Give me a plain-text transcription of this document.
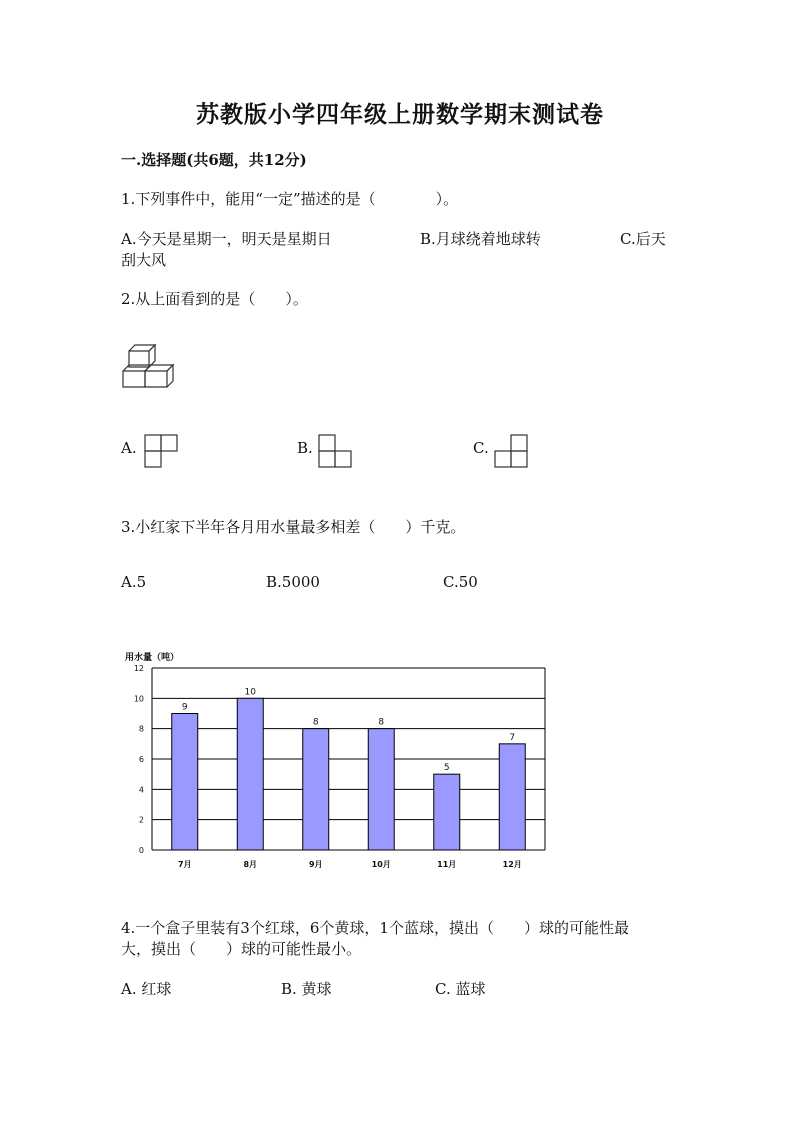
苏教版小学四年级上册数学期末测试卷
一.选择题(共6题，共12分)
1.下列事件中，能用“一定”描述的是（　　　　）。
A.今天是星期一，明天是星期日	B.月球绕着地球转	C.后天
刮大风
2.从上面看到的是（　　）。
A.	B.	C.
3.小红家下半年各月用水量最多相差（　　）千克。
A.5	B.5000	C.50
用水量（吨）
0
2
4
6
8
10
12
9
7月
10
8月
8
9月
8
10月
5
11月
7
12月
4.一个盒子里装有3个红球，6个黄球，1个蓝球，摸出（　　）球的可能性最
大，摸出（　　）球的可能性最小。
A. 红球	B. 黄球	C. 蓝球
